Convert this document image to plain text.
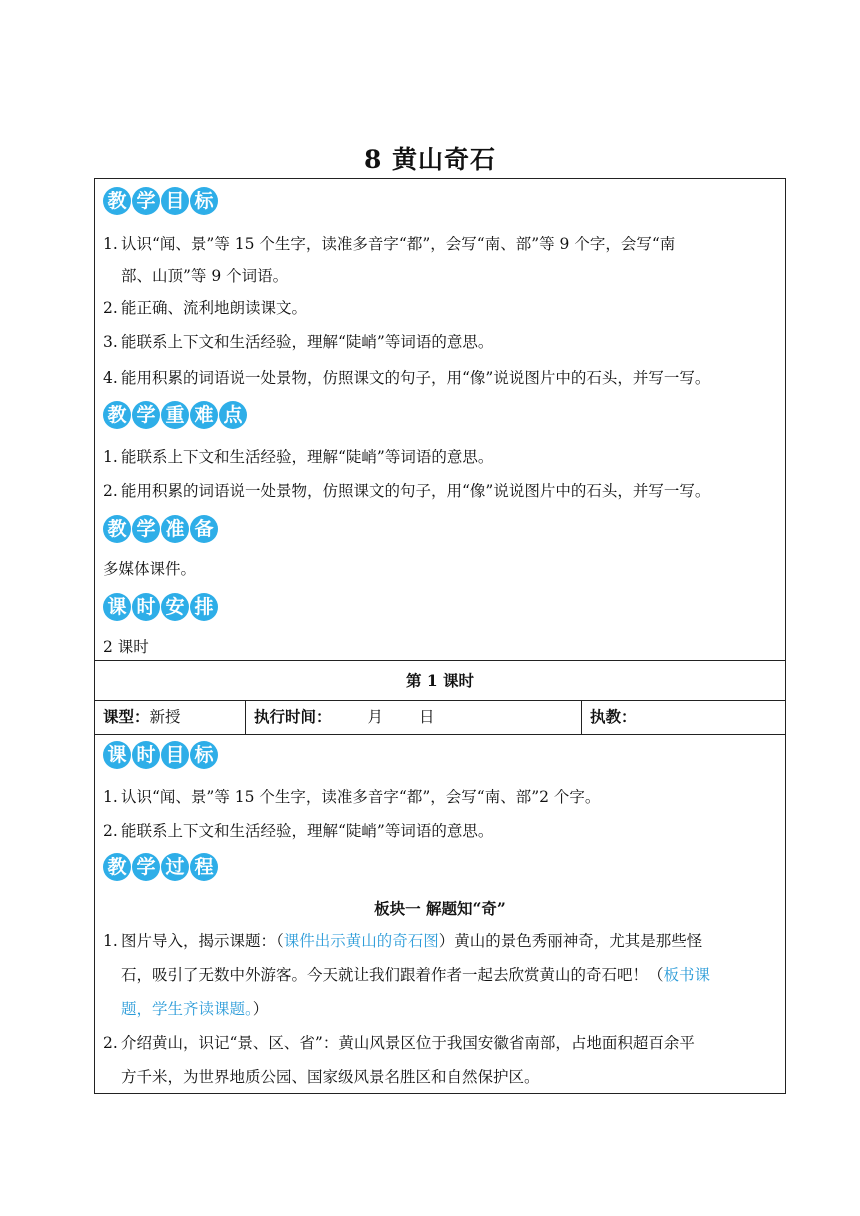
8 黄山奇石
教 学 目 标
1. 认识“闻、景”等 15 个生字，读准多音字“都”，会写“南、部”等 9 个字，会写“南
部、山顶”等 9 个词语。
2. 能正确、流利地朗读课文。
3. 能联系上下文和生活经验，理解“陡峭”等词语的意思。
4. 能用积累的词语说一处景物，仿照课文的句子，用“像”说说图片中的石头，并写一写。
教 学 重 难 点
1. 能联系上下文和生活经验，理解“陡峭”等词语的意思。
2. 能用积累的词语说一处景物，仿照课文的句子，用“像”说说图片中的石头，并写一写。
教 学 准 备
多媒体课件。
课 时 安 排
2 课时
第 1 课时
课型：新授	执行时间： 月 日	执教：
课 时 目 标
1. 认识“闻、景”等 15 个生字，读准多音字“都”，会写“南、部”2 个字。
2. 能联系上下文和生活经验，理解“陡峭”等词语的意思。
教 学 过 程
板块一 解题知“奇”
1. 图片导入，揭示课题：（课件出示黄山的奇石图）黄山的景色秀丽神奇，尤其是那些怪
石，吸引了无数中外游客。今天就让我们跟着作者一起去欣赏黄山的奇石吧！（板书课
题，学生齐读课题。）
2. 介绍黄山，识记“景、区、省”：黄山风景区位于我国安徽省南部，占地面积超百余平
方千米，为世界地质公园、国家级风景名胜区和自然保护区。
